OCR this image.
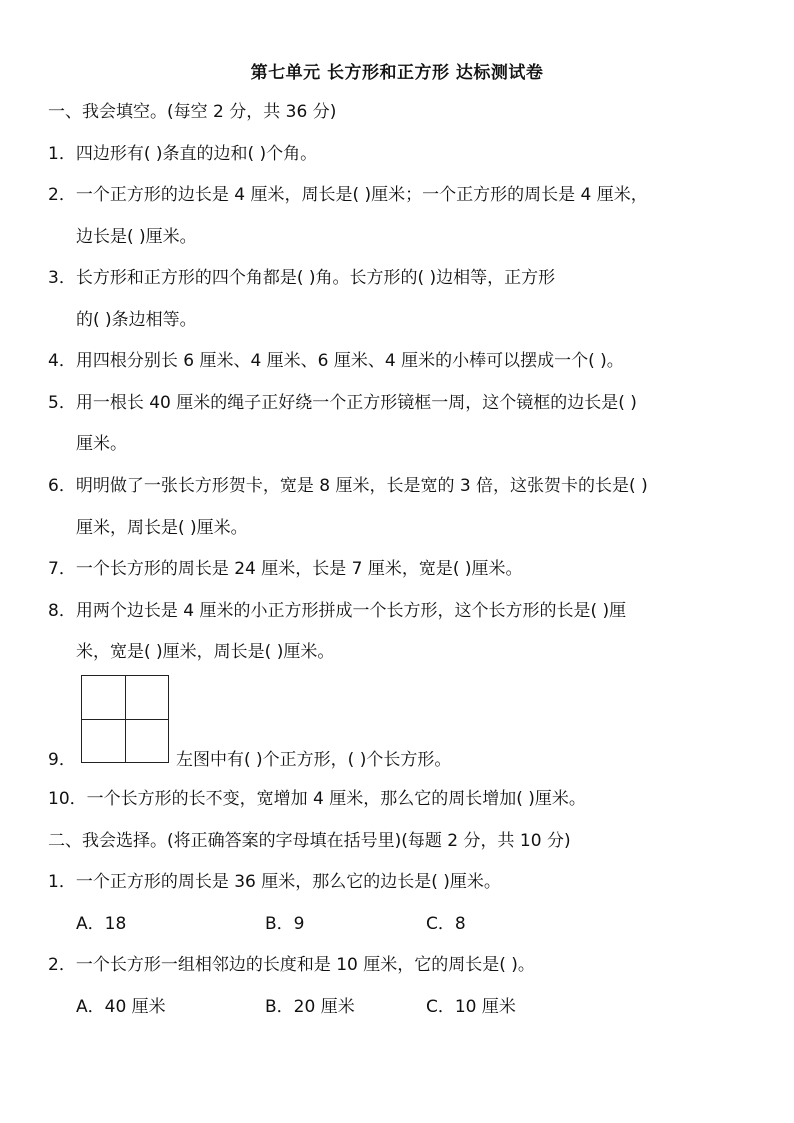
第七单元 长方形和正方形 达标测试卷
一、我会填空。(每空 2 分，共 36 分)
1．四边形有( )条直的边和( )个角。
2．一个正方形的边长是 4 厘米，周长是( )厘米；一个正方形的周长是 4 厘米，
边长是( )厘米。
3．长方形和正方形的四个角都是( )角。长方形的( )边相等，正方形
的( )条边相等。
4．用四根分别长 6 厘米、4 厘米、6 厘米、4 厘米的小棒可以摆成一个( )。
5．用一根长 40 厘米的绳子正好绕一个正方形镜框一周，这个镜框的边长是( )
厘米。
6．明明做了一张长方形贺卡，宽是 8 厘米，长是宽的 3 倍，这张贺卡的长是( )
厘米，周长是( )厘米。
7．一个长方形的周长是 24 厘米，长是 7 厘米，宽是( )厘米。
8．用两个边长是 4 厘米的小正方形拼成一个长方形，这个长方形的长是( )厘
米，宽是( )厘米，周长是( )厘米。
9．	左图中有( )个正方形，( )个长方形。
10．一个长方形的长不变，宽增加 4 厘米，那么它的周长增加( )厘米。
二、我会选择。(将正确答案的字母填在括号里)(每题 2 分，共 10 分)
1．一个正方形的周长是 36 厘米，那么它的边长是( )厘米。
A．18	B．9	C．8
2．一个长方形一组相邻边的长度和是 10 厘米，它的周长是( )。
A．40 厘米	B．20 厘米	C．10 厘米
